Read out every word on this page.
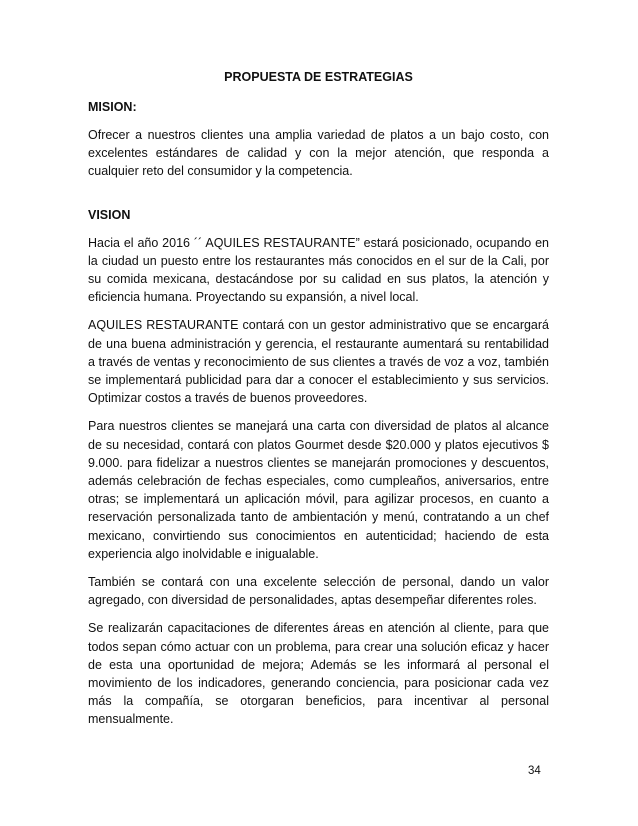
PROPUESTA DE ESTRATEGIAS
MISION:

Ofrecer a nuestros clientes una amplia variedad de platos a un bajo costo, con excelentes estándares de calidad y con la mejor atención, que responda a cualquier reto del consumidor y la competencia.

VISION

Hacia el año 2016 ´´ AQUILES RESTAURANTE” estará posicionado, ocupando en la ciudad un puesto entre los restaurantes más conocidos en el sur de la Cali, por su comida mexicana, destacándose por su calidad en sus platos, la atención y eficiencia humana. Proyectando su expansión, a nivel local.

AQUILES RESTAURANTE contará con un gestor administrativo que se encargará de una buena administración y gerencia, el restaurante aumentará su rentabilidad a través de ventas y reconocimiento de sus clientes a través de voz a voz, también se implementará publicidad para dar a conocer el establecimiento y sus servicios. Optimizar costos a través de buenos proveedores.

Para nuestros clientes se manejará una carta con diversidad de platos al alcance de su necesidad, contará con platos Gourmet desde $20.000 y platos ejecutivos $ 9.000. para fidelizar a nuestros clientes se manejarán promociones y descuentos, además celebración de fechas especiales, como cumpleaños, aniversarios, entre otras; se implementará un aplicación móvil, para agilizar procesos, en cuanto a reservación personalizada tanto de ambientación y menú, contratando a un chef mexicano, convirtiendo sus conocimientos en autenticidad; haciendo de esta experiencia algo inolvidable e inigualable.

También se contará con una excelente selección de personal, dando un valor agregado, con diversidad de personalidades, aptas desempeñar diferentes roles.

Se realizarán capacitaciones de diferentes áreas en atención al cliente, para que todos sepan cómo actuar con un problema, para crear una solución eficaz y hacer de esta una oportunidad de mejora; Además se les informará al personal el movimiento de los indicadores, generando conciencia, para posicionar cada vez más la compañía, se otorgaran beneficios, para incentivar al personal mensualmente.

34
